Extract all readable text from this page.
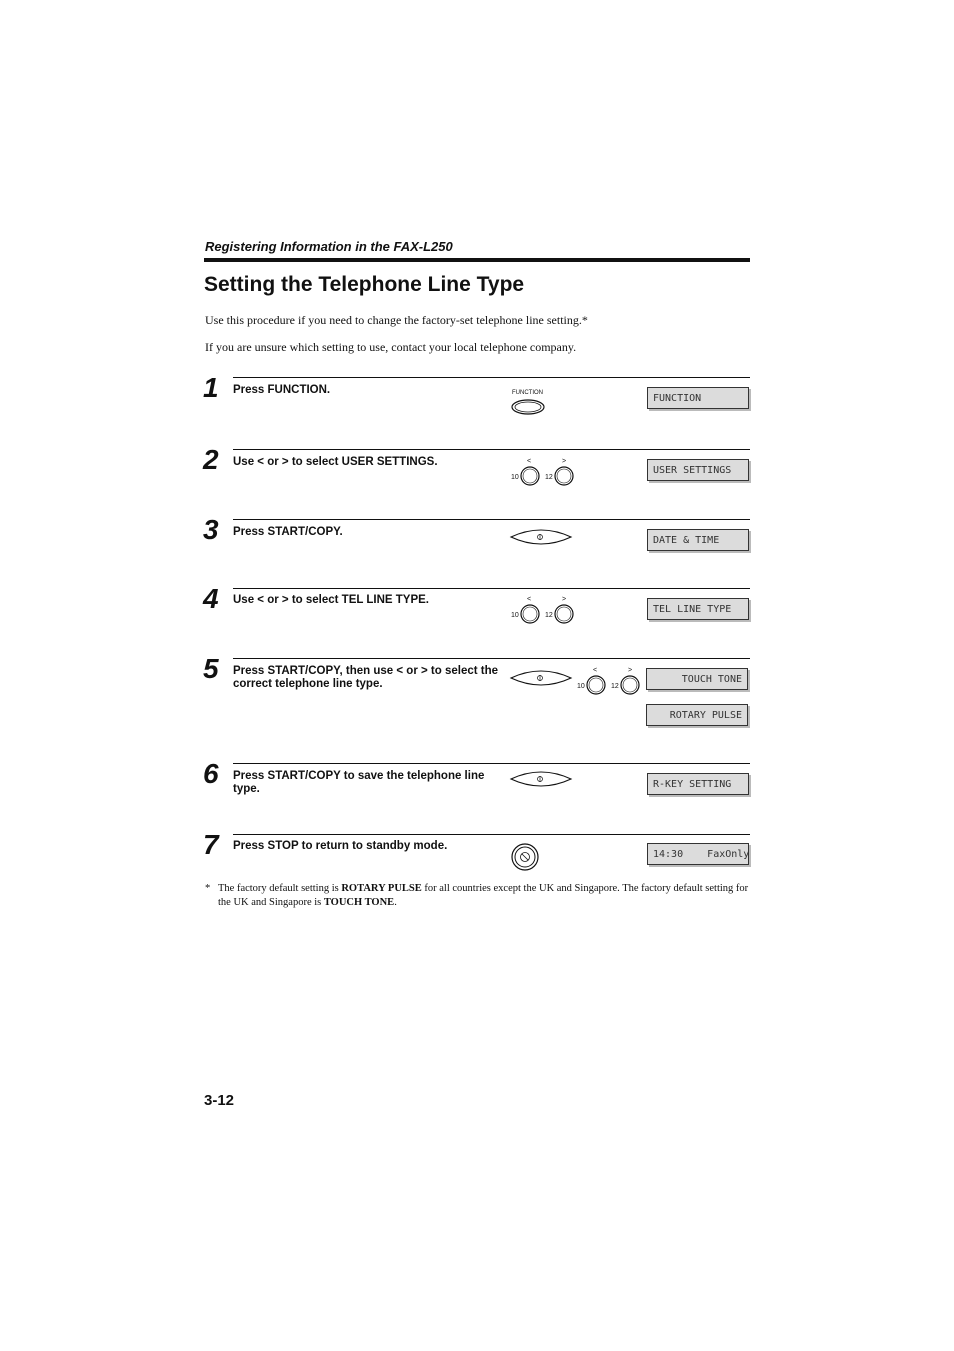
Registering Information in the FAX-L250
Setting the Telephone Line Type
Use this procedure if you need to change the factory-set telephone line setting.*
If you are unsure which setting to use, contact your local telephone company.
1 Press FUNCTION.	FUNCTION	FUNCTION
2 Use < or > to select USER SETTINGS.	<	>
10	12
USER SETTINGS
3 Press START/COPY.
DATE & TIME
4 Use < or > to select TEL LINE TYPE.	<	>
10	12
TEL LINE TYPE
5 Press START/COPY, then use < or > to select the correct telephone line type.
<	>
10	12
TOUCH TONE
ROTARY PULSE
6 Press START/COPY to save the telephone line type.	R-KEY SETTING
7 Press STOP to return to standby mode.
14:30    FaxOnly
* The factory default setting is ROTARY PULSE for all countries except the UK and Singapore. The factory default setting for the UK and Singapore is TOUCH TONE.
3-12
